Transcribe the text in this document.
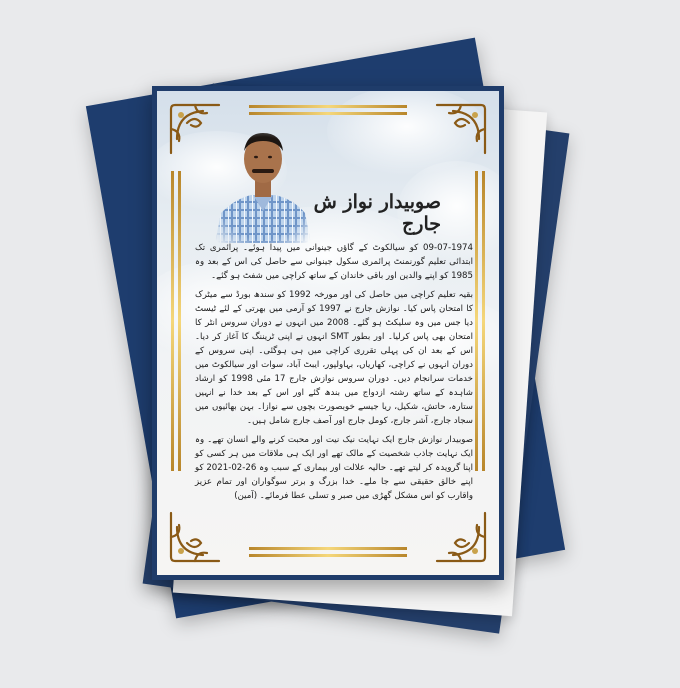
صوبیدار نواز ش جارج

09-07-1974 کو سیالکوٹ کے گاؤں جینوانی میں پیدا ہوئے۔ پرائمری تک ابتدائی تعلیم گورنمنٹ پرائمری سکول جینوانی سے حاصل کی اس کے بعد وہ 1985 کو اپنے والدین اور باقی خاندان کے ساتھ کراچی میں شفٹ ہو گئے۔

بقیہ تعلیم کراچی میں حاصل کی اور مورخہ 1992 کو سندھ بورڈ سے میٹرک کا امتحان پاس کیا۔ نوازش جارج نے 1997 کو آرمی میں بھرتی کے لئے ٹیسٹ دیا جس میں وہ سلیکٹ ہو گئے۔ 2008 میں انہوں نے دوران سروس انٹر کا امتحان بھی پاس کرلیا۔ اور بطور SMT انہوں نے اپنی ٹریننگ کا آغاز کر دیا۔ اس کے بعد ان کی پہلی تقرری کراچی میں ہی ہوگئی۔ اپنی سروس کے دوران انہوں نے کراچی، کھاریاں، بہاولپور، ایبٹ آباد، سوات اور سیالکوٹ میں خدمات سرانجام دیں۔ دوران سروس نوازش جارج 17 مئی 1998 کو ارشاد شاہدہ کے ساتھ رشتہ ازدواج میں بندھ گئے اور اس کے بعد خدا نے انہیں ستارہ، حاتش، شکیل، ریا جیسے خوبصورت بچوں سے نوازا۔ بہن بھائیوں میں سجاد جارج، آشر جارج، کومل جارج اور آصف جارج شامل ہیں۔

صوبیدار نوازش جارج ایک نہایت نیک نیت اور محبت کرنے والے انسان تھے۔ وہ ایک نہایت جاذب شخصیت کے مالک تھے اور ایک ہی ملاقات میں ہر کسی کو اپنا گرویدہ کر لیتے تھے۔ حالیہ علالت اور بیماری کے سبب وہ 26-02-2021 کو اپنے خالق حقیقی سے جا ملے۔ خدا بزرگ و برتر سوگواران اور تمام عزیز واقارب کو اس مشکل گھڑی میں صبر و تسلی عطا فرمائے۔ (آمین)
